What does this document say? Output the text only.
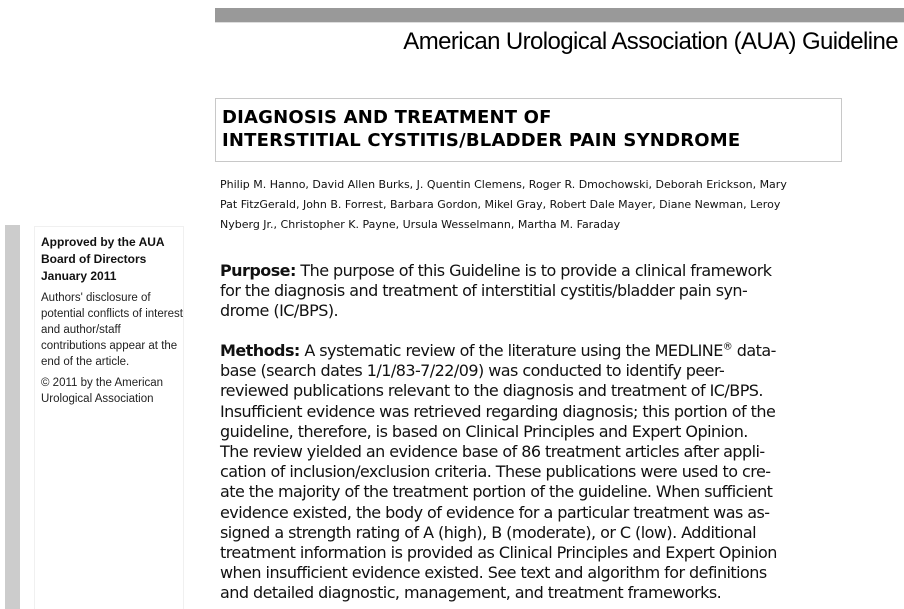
American Urological Association (AUA) Guideline
DIAGNOSIS AND TREATMENT OF
INTERSTITIAL CYSTITIS/BLADDER PAIN SYNDROME
Philip M. Hanno, David Allen Burks, J. Quentin Clemens, Roger R. Dmochowski, Deborah Erickson, Mary
Pat FitzGerald, John B. Forrest, Barbara Gordon, Mikel Gray, Robert Dale Mayer, Diane Newman, Leroy
Nyberg Jr., Christopher K. Payne, Ursula Wesselmann, Martha M. Faraday
Approved by the AUA
Board of Directors
January 2011
Authors' disclosure of potential conflicts of interest and author/staff contributions appear at the end of the article.
© 2011 by the American Urological Association
Purpose: The purpose of this Guideline is to provide a clinical framework
for the diagnosis and treatment of interstitial cystitis/bladder pain syn-
drome (IC/BPS).
Methods: A systematic review of the literature using the MEDLINE® data-
base (search dates 1/1/83-7/22/09) was conducted to identify peer-
reviewed publications relevant to the diagnosis and treatment of IC/BPS.
Insufficient evidence was retrieved regarding diagnosis; this portion of the
guideline, therefore, is based on Clinical Principles and Expert Opinion.
The review yielded an evidence base of 86 treatment articles after appli-
cation of inclusion/exclusion criteria. These publications were used to cre-
ate the majority of the treatment portion of the guideline. When sufficient
evidence existed, the body of evidence for a particular treatment was as-
signed a strength rating of A (high), B (moderate), or C (low). Additional
treatment information is provided as Clinical Principles and Expert Opinion
when insufficient evidence existed. See text and algorithm for definitions
and detailed diagnostic, management, and treatment frameworks.
